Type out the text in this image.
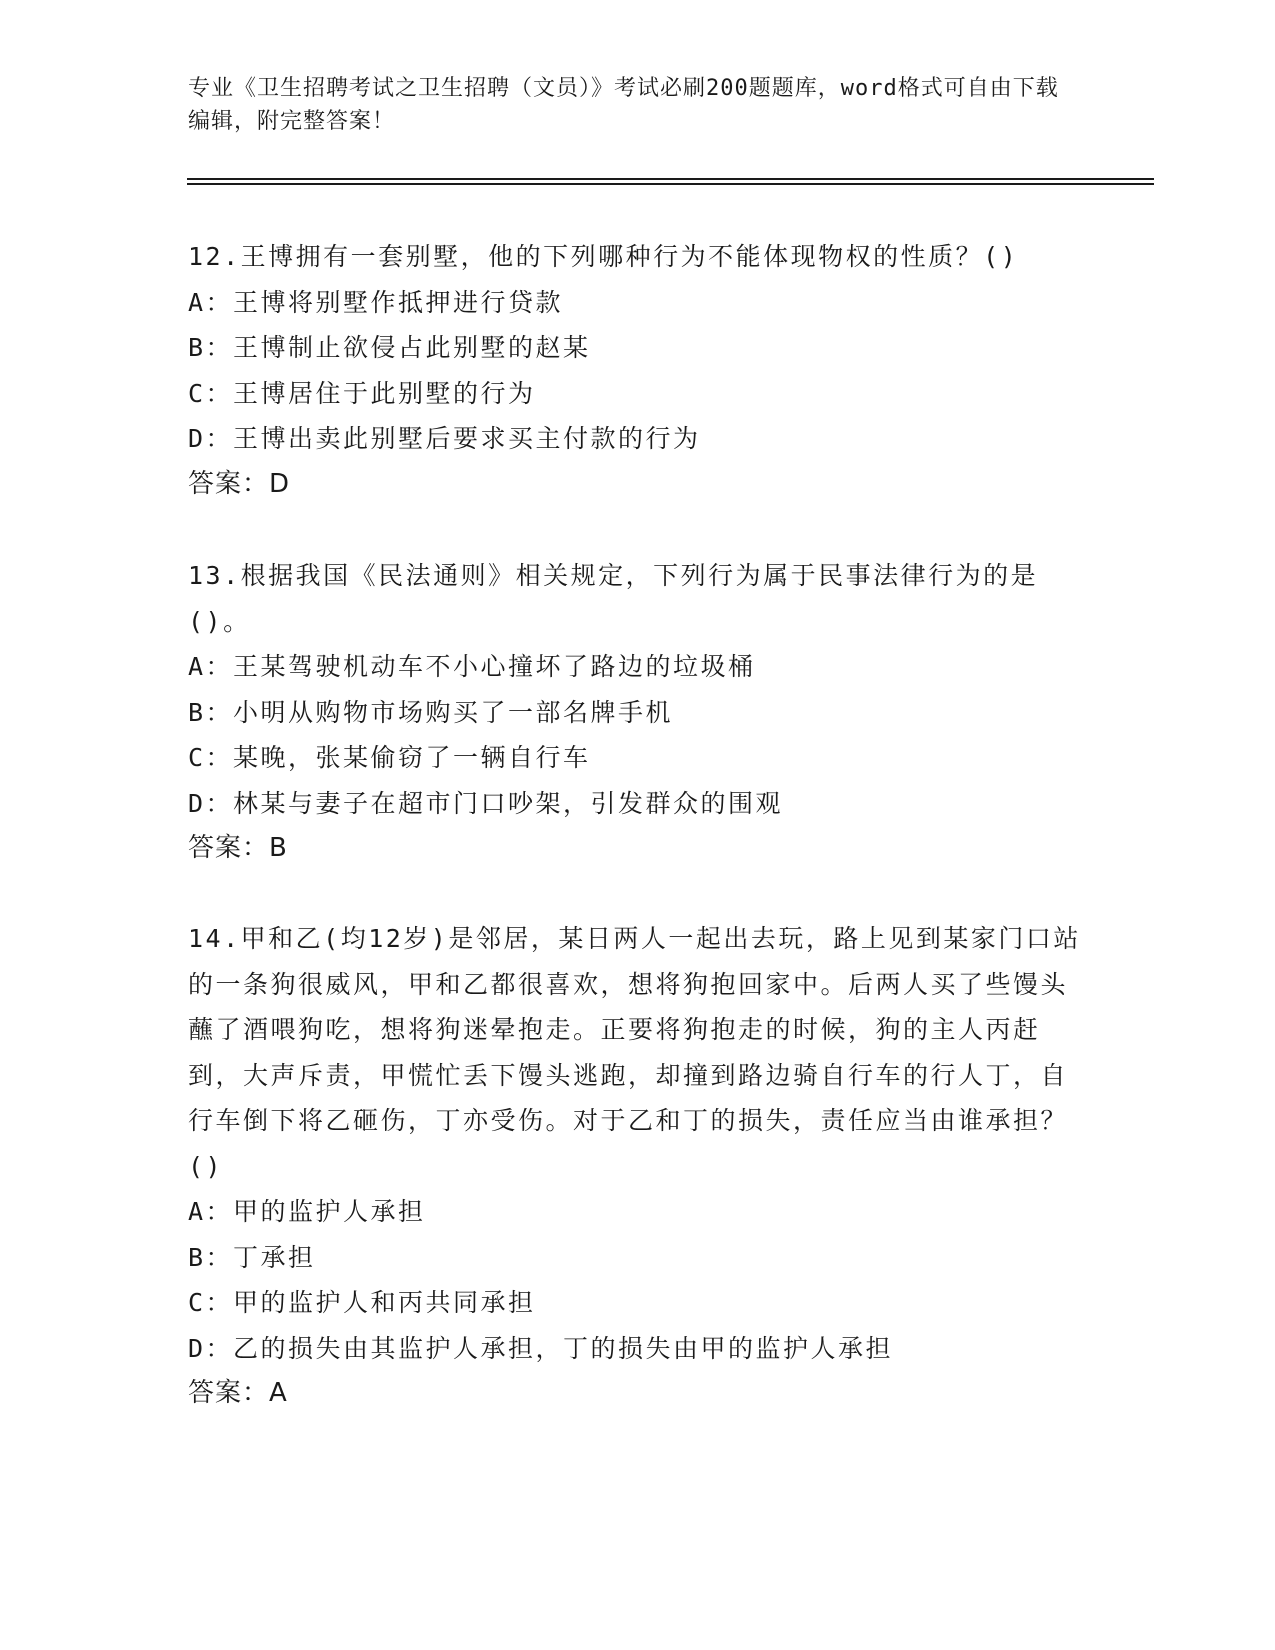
专业《卫生招聘考试之卫生招聘（文员）》考试必刷200题题库，word格式可自由下载编辑，附完整答案！

12.王博拥有一套别墅，他的下列哪种行为不能体现物权的性质？()

A：王博将别墅作抵押进行贷款

B：王博制止欲侵占此别墅的赵某

C：王博居住于此别墅的行为

D：王博出卖此别墅后要求买主付款的行为

答案：D

13.根据我国《民法通则》相关规定，下列行为属于民事法律行为的是()。

A：王某驾驶机动车不小心撞坏了路边的垃圾桶

B：小明从购物市场购买了一部名牌手机

C：某晚，张某偷窃了一辆自行车

D：林某与妻子在超市门口吵架，引发群众的围观

答案：B

14.甲和乙(均12岁)是邻居，某日两人一起出去玩，路上见到某家门口站的一条狗很威风，甲和乙都很喜欢，想将狗抱回家中。后两人买了些馒头蘸了酒喂狗吃，想将狗迷晕抱走。正要将狗抱走的时候，狗的主人丙赶到，大声斥责，甲慌忙丢下馒头逃跑，却撞到路边骑自行车的行人丁，自行车倒下将乙砸伤，丁亦受伤。对于乙和丁的损失，责任应当由谁承担？()

A：甲的监护人承担

B：丁承担

C：甲的监护人和丙共同承担

D：乙的损失由其监护人承担，丁的损失由甲的监护人承担

答案：A
